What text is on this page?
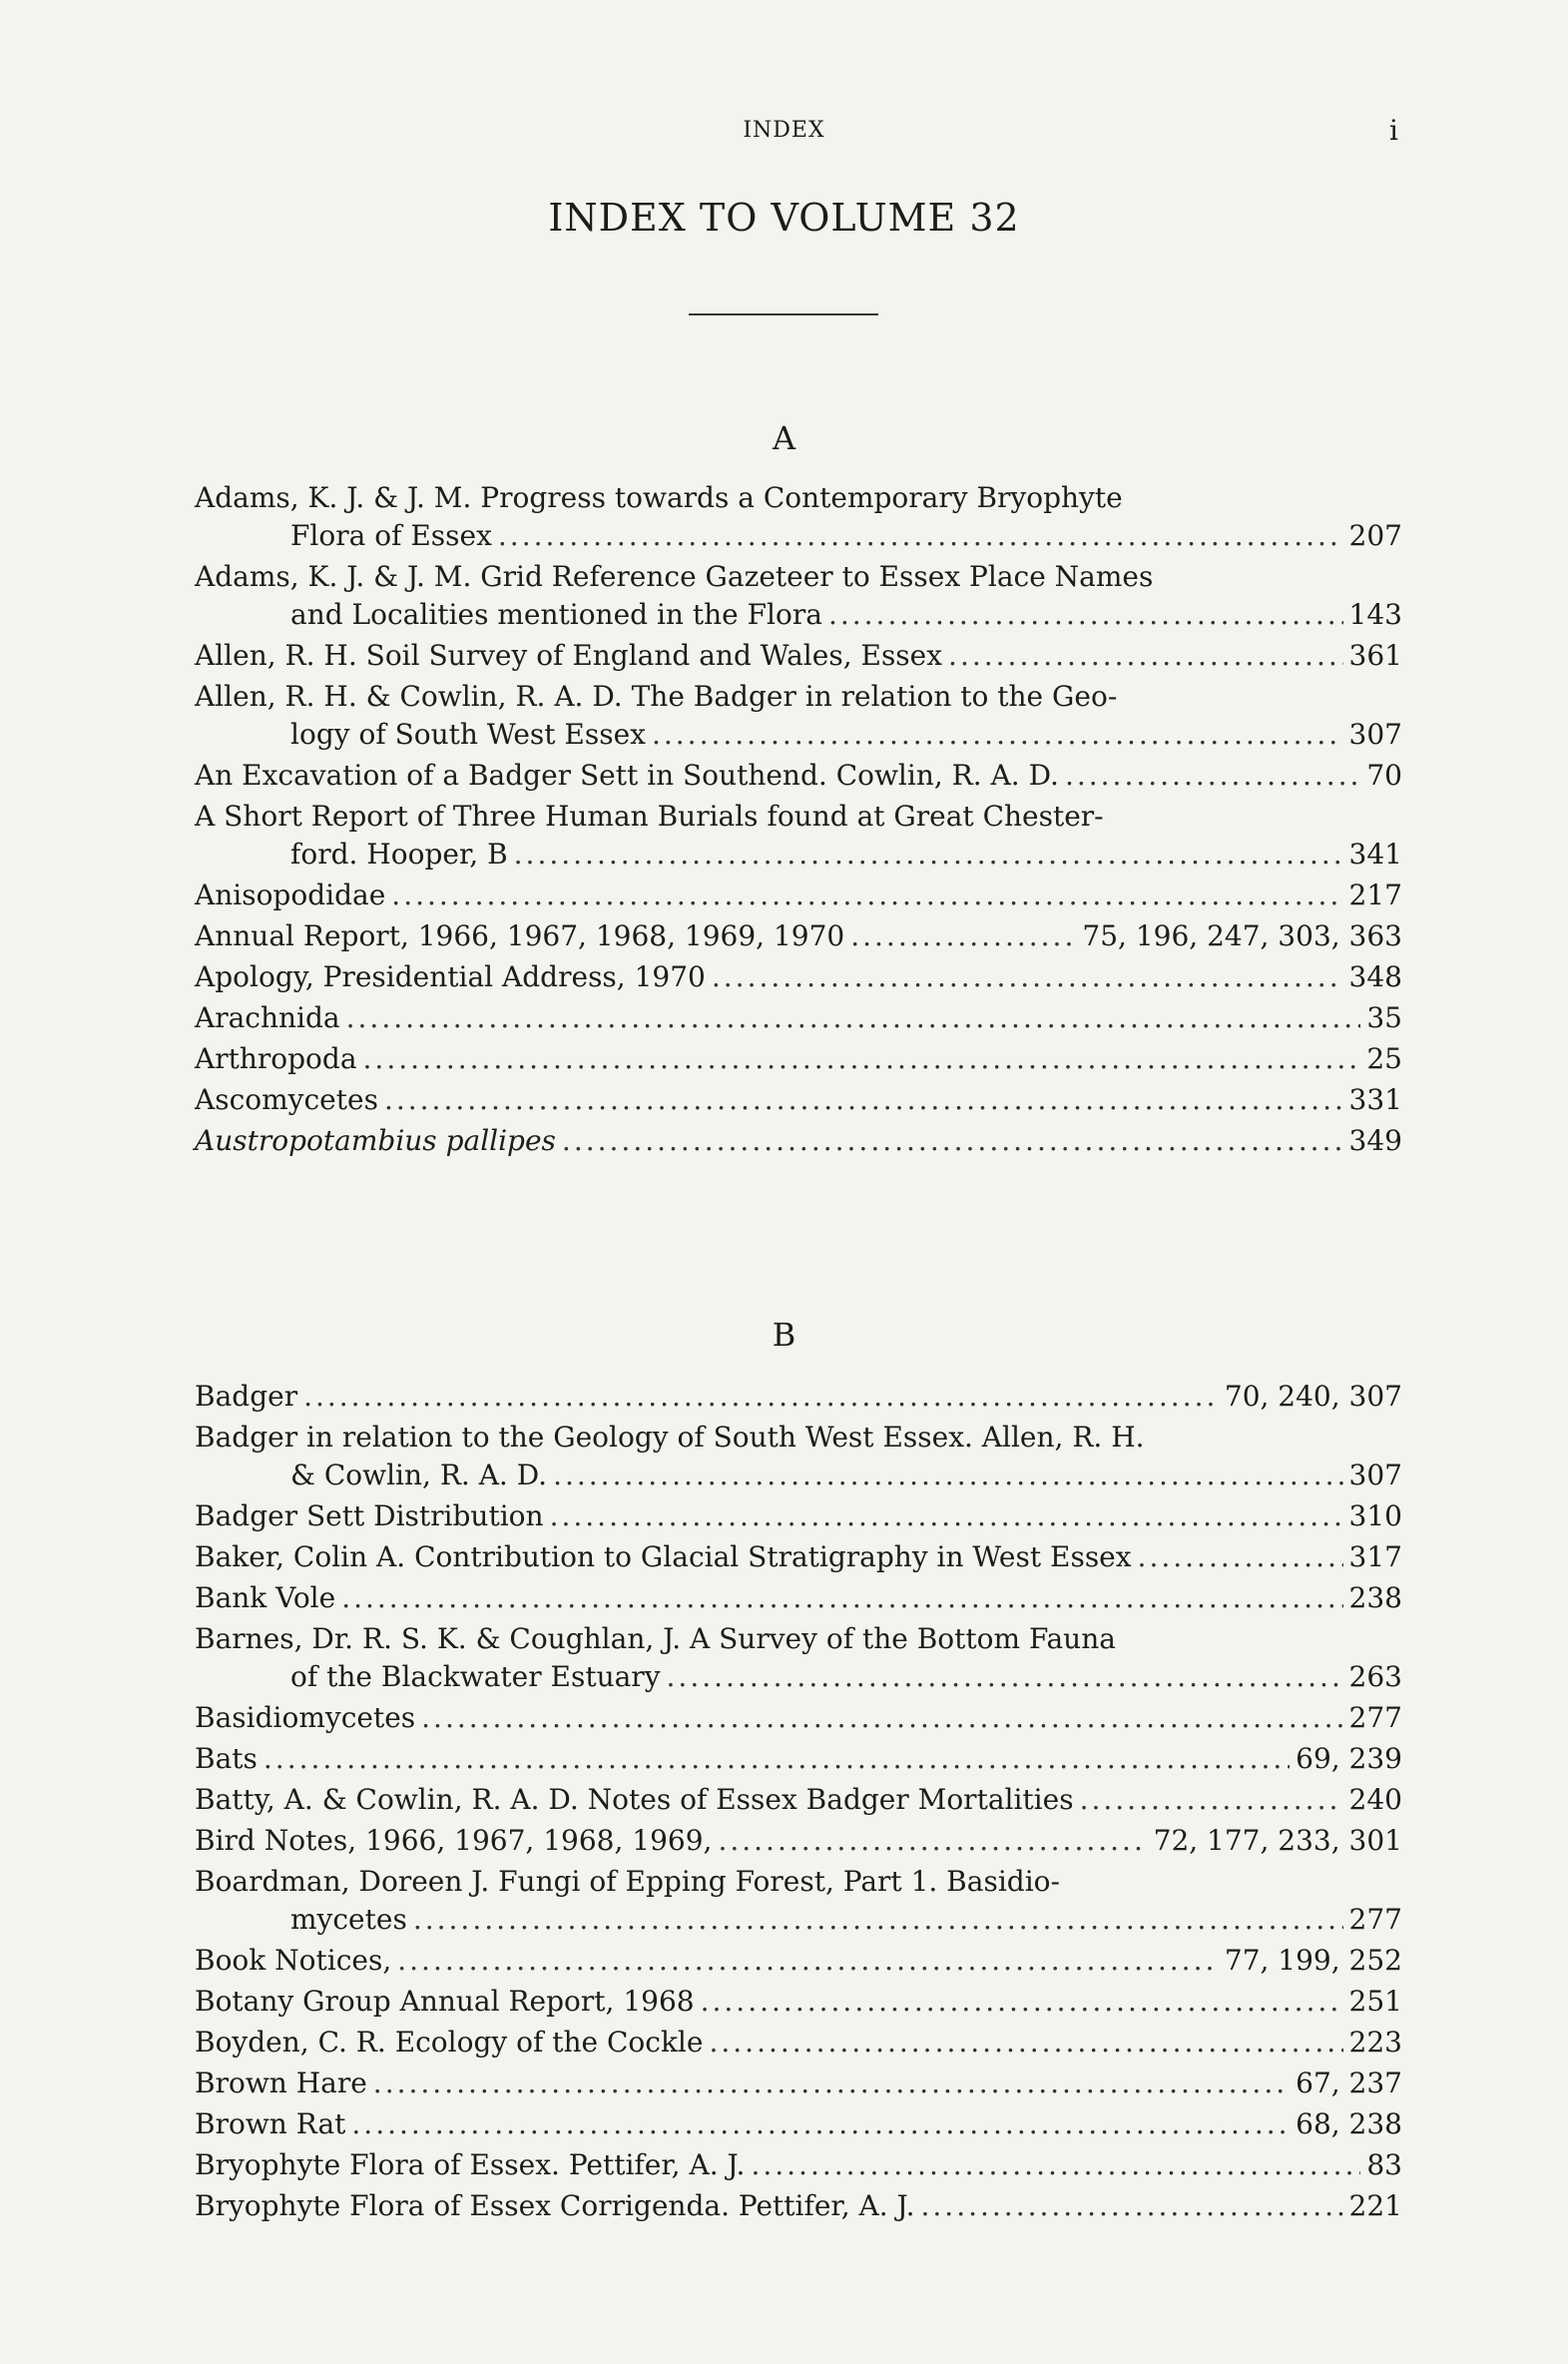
INDEX	i
INDEX TO VOLUME 32
A
Adams, K. J. & J. M. Progress towards a Contemporary Bryophyte
Flora of Essex .....	207
Adams, K. J. & J. M. Grid Reference Gazeteer to Essex Place Names
and Localities mentioned in the Flora .....	143
Allen, R. H. Soil Survey of England and Wales, Essex .....	361
Allen, R. H. & Cowlin, R. A. D. The Badger in relation to the Geo-
logy of South West Essex .....	307
An Excavation of a Badger Sett in Southend. Cowlin, R. A. D. .....	70
A Short Report of Three Human Burials found at Great Chester-
ford. Hooper, B .....	341
Anisopodidae .....	217
Annual Report, 1966, 1967, 1968, 1969, 1970 .....	75, 196, 247, 303, 363
Apology, Presidential Address, 1970 .....	348
Arachnida .....	35
Arthropoda .....	25
Ascomycetes .....	331
Austropotambius pallipes .....	349
B
Badger .....	70, 240, 307
Badger in relation to the Geology of South West Essex. Allen, R. H.
& Cowlin, R. A. D. .....	307
Badger Sett Distribution .....	310
Baker, Colin A. Contribution to Glacial Stratigraphy in West Essex .....	317
Bank Vole .....	238
Barnes, Dr. R. S. K. & Coughlan, J. A Survey of the Bottom Fauna
of the Blackwater Estuary .....	263
Basidiomycetes .....	277
Bats .....	69, 239
Batty, A. & Cowlin, R. A. D. Notes of Essex Badger Mortalities .....	240
Bird Notes, 1966, 1967, 1968, 1969, .....	72, 177, 233, 301
Boardman, Doreen J. Fungi of Epping Forest, Part 1. Basidio-
mycetes .....	277
Book Notices, .....	77, 199, 252
Botany Group Annual Report, 1968 .....	251
Boyden, C. R. Ecology of the Cockle .....	223
Brown Hare .....	67, 237
Brown Rat .....	68, 238
Bryophyte Flora of Essex. Pettifer, A. J. .....	83
Bryophyte Flora of Essex Corrigenda. Pettifer, A. J. .....	221
